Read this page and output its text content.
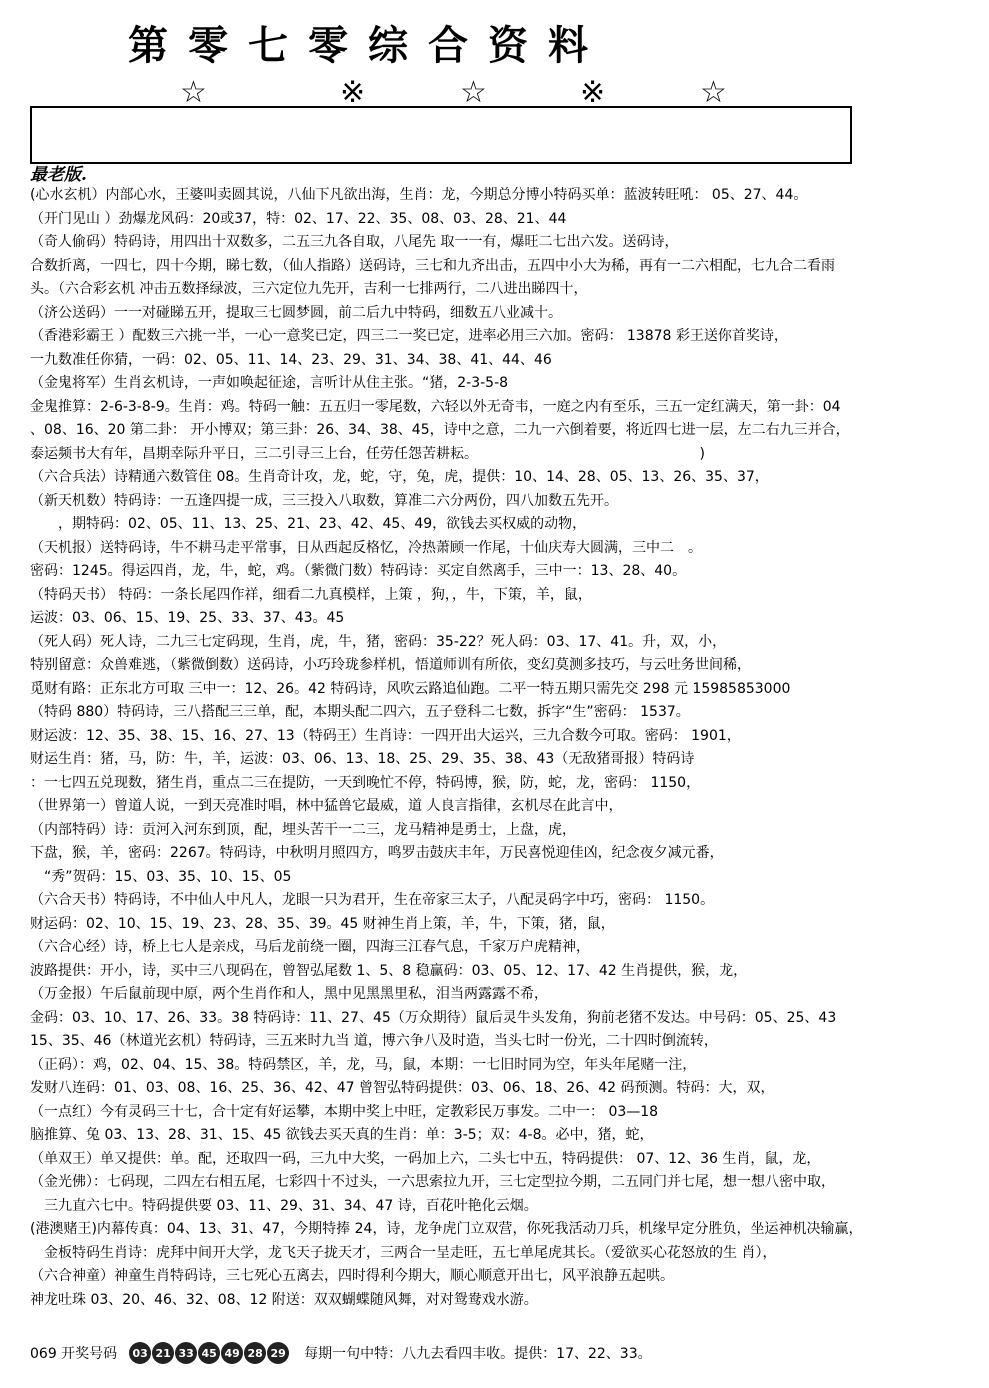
第零七零综合资料
☆	※	☆	※	☆
最老版.
(心水玄机）内部心水，王婆叫卖圆其说，八仙下凡欲出海，生肖：龙，今期总分博小特码买单：蓝波转旺吼： 05、27、44。
（开门见山 ）劲爆龙风码：20或37，特：02、17、22、35、08、03、28、21、44
（奇人偷码）特码诗，用四出十双数多，二五三九各自取，八尾先 取一一有，爆旺二七出六发。送码诗，
合数折离，一四七，四十今期，睇七数，（仙人指路）送码诗，三七和九齐出击，五四中小大为稀，再有一二六相配，七九合二看雨
头。（六合彩玄机 冲击五数择绿波，三六定位九先开，吉利一七排两行，二八进出睇四十，
（济公送码）一一对碰睇五开，提取三七圆梦圆，前二后九中特码，细数五八业减十。
（香港彩霸王 ）配数三六挑一半，一心一意奖已定，四三二一奖已定，进率必用三六加。密码： 13878 彩王送你首奖诗，
一九数准任你猜，一码：02、05、11、14、23、29、31、34、38、41、44、46
（金鬼将军）生肖玄机诗，一声如唤起征途，言听计从住主张。“猪，2-3-5-8
金鬼推算：2-6-3-8-9。生肖：鸡。特码一触：五五归一零尾数，六轻以外无奇韦，一庭之内有至乐，三五一定红满天，第一卦：04
、08、16、20 第二卦： 开小博双；第三卦：26、34、38、45，诗中之意，二九一六倒着要，将近四七进一层，左二右九三并合，
泰运频书大有年，昌期幸际升平日，三二引寻三上台，任劳任怨苦耕耘。　　　　　　　　　　　　　　　　 )
（六合兵法）诗精通六数管住 08。生肖奇计攻，龙，蛇，守，兔，虎，提供：10、14、28、05、13、26、35、37，
（新天机数）特码诗：一五逢四提一成，三三投入八取数，算准二六分两份，四八加数五先开。
　　，期特码：02、05、11、13、25、21、23、42、45、49，欲钱去买权威的动物，
（天机报）送特码诗，牛不耕马走平常事，日从西起反格忆，冷热萧顾一作尾，十仙庆寿大圆满，三中二　。
密码：1245。得运四肖，龙，牛，蛇，鸡。（紫微门数）特码诗：买定自然离手，三中一：13、28、40。
（特码天书） 特码：一条长尾四作祥，细看二九真模样，上策 ，狗，，牛，下策，羊，鼠，
运波：03、06、15、19、25、33、37、43。45
（死人码）死人诗，二九三七定码现，生肖，虎，牛，猪，密码：35-22？死人码：03、17、41。升，双，小，
特别留意：众兽难逃，（紫微倒数）送码诗，小巧玲珑参样机，悟道师训有所依，变幻莫测多技巧，与云吐务世间稀，
觅财有路：正东北方可取 三中一：12、26。42 特码诗，风吹云路追仙跑。二平一特五期只需先交 298 元 15985853000
（特码 880）特码诗，三八搭配三三单，配，本期头配二四六，五子登科二七数，拆字“生”密码： 1537。
财运波：12、35、38、15、16、27、13（特码王）生肖诗：一四开出大运兴，三九合数今可取。密码： 1901，
财运生肖：猪，马，防：牛，羊，运波：03、06、13、18、25、29、35、38、43（无敌猪哥报）特码诗
：一七四五兑现数，猪生肖，重点二三在提防，一天到晚忙不停，特码博，猴，防，蛇，龙，密码： 1150，
（世界第一）曾道人说，一到天亮准时唱，林中猛兽它最威，道 人良言指律，玄机尽在此言中，
（内部特码）诗：贡河入河东到顶，配，埋头苦干一二三，龙马精神是勇士，上盘，虎，
下盘，猴，羊，密码：2267。特码诗，中秋明月照四方，鸣罗击鼓庆丰年，万民喜悦迎佳凶，纪念夜夕减元番，
　“秀”贺码：15、03、35、10、15、05
（六合天书）特码诗，不中仙人中凡人，龙眼一只为君开，生在帝家三太子，八配灵码字中巧，密码： 1150。
财运码：02、10、15、19、23、28、35、39。45 财神生肖上策，羊，牛，下策，猪，鼠，
（六合心经）诗，桥上七人是亲戍，马后龙前绕一圈，四海三江春气息，千家万户虎精神，
波路提供：开小，诗，买中三八现码在，曾智弘尾数 1、5、8 稳赢码：03、05、12、17、42 生肖提供，猴，龙，
（万金报）午后鼠前现中原，两个生肖作和人，黑中见黑黑里私，泪当两露露不希，
金码：03、10、17、26、33。38 特码诗：11、27、45（万众期待）鼠后灵牛头发角，狗前老猪不发达。中号码：05、25、43
15、35、46（林道光玄机）特码诗，三五来时九当 道，博六争八及时造，当头七时一份光，二十四时倒流转，
（正码）：鸡，02、04、15、38。特码禁区，羊，龙，马，鼠，本期：一七旧时同为空，年头年尾赌一注，
发财八连码：01、03、08、16、25、36、42、47 曾智弘特码提供：03、06、18、26、42 码预测。特码：大，双，
（一点红）今有灵码三十七，合十定有好运攀，本期中奖上中旺，定教彩民万事发。二中一： 03—18
脑推算、兔 03、13、28、31、15、45 欲钱去买天真的生肖：单：3-5；双：4-8。必中，猪，蛇，
（单双王）单又提供：单。配，还取四一码，三九中大奖，一码加上六，二头七中五，特码提供： 07、12、36 生肖，鼠，龙，
（金光佛）：七码现，二四左右相五尾，七彩四十不过头，一六思索拉九开，三七定型拉今期，二五同门并七尾，想一想八密中取，
　三九直六七中。特码提供要 03、11、29、31、34、47 诗，百花叶艳化云烟。
(港澳赌王)内幕传真：04、13、31、47，今期特捧 24，诗，龙争虎门立双营，你死我活动刀兵，机缘早定分胜负，坐运神机决输赢，
　金板特码生肖诗：虎拜中间开大学，龙飞天子拢天才，三两合一呈走旺，五七单尾虎其长。（爱欲买心花怒放的生 肖），
（六合神童）神童生肖特码诗，三七死心五离去，四时得利今期大，顺心顺意开出七，风平浪静五起哄。
神龙吐珠 03、20、46、32、08、12 附送：双双蝴蝶随风舞，对对鸳鸯戏水游。
069 开奖号码	03 21 33 45 49 28 29 每期一句中特：八九去看四丰收。提供：17、22、33。
